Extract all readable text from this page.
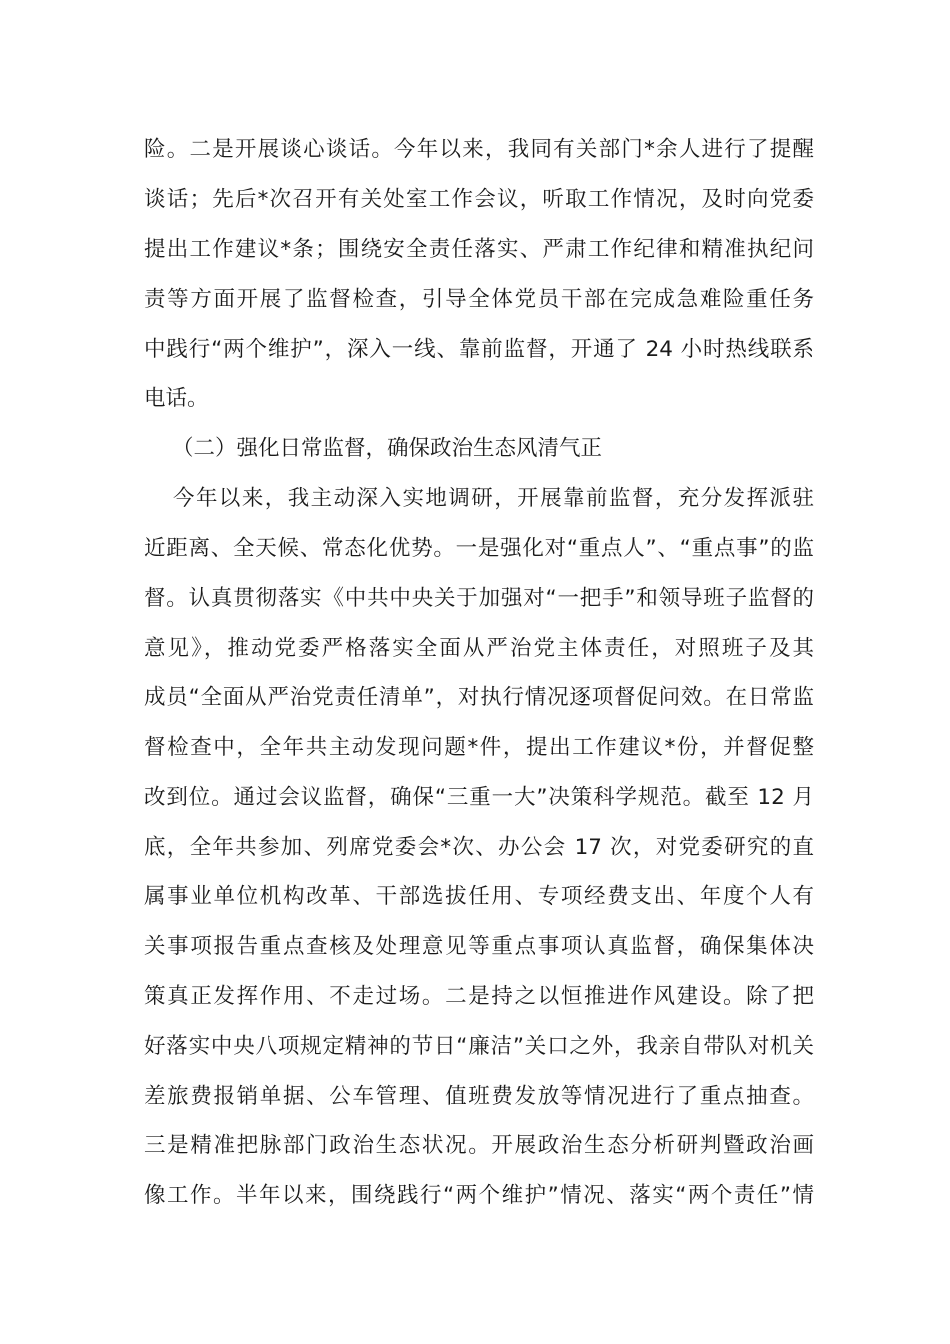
险。二是开展谈心谈话。今年以来，我同有关部门*余人进行了提醒
谈话；先后*次召开有关处室工作会议，听取工作情况，及时向党委
提出工作建议*条；围绕安全责任落实、严肃工作纪律和精准执纪问
责等方面开展了监督检查，引导全体党员干部在完成急难险重任务
中践行“两个维护”，深入一线、靠前监督，开通了 24 小时热线联系
电话。
（二）强化日常监督，确保政治生态风清气正
今年以来，我主动深入实地调研，开展靠前监督，充分发挥派驻
近距离、全天候、常态化优势。一是强化对“重点人”、“重点事”的监
督。认真贯彻落实《中共中央关于加强对“一把手”和领导班子监督的
意见》，推动党委严格落实全面从严治党主体责任，对照班子及其
成员“全面从严治党责任清单”，对执行情况逐项督促问效。在日常监
督检查中，全年共主动发现问题*件，提出工作建议*份，并督促整
改到位。通过会议监督，确保“三重一大”决策科学规范。截至 12 月
底，全年共参加、列席党委会*次、办公会 17 次，对党委研究的直
属事业单位机构改革、干部选拔任用、专项经费支出、年度个人有
关事项报告重点查核及处理意见等重点事项认真监督，确保集体决
策真正发挥作用、不走过场。二是持之以恒推进作风建设。除了把
好落实中央八项规定精神的节日“廉洁”关口之外，我亲自带队对机关
差旅费报销单据、公车管理、值班费发放等情况进行了重点抽查。
三是精准把脉部门政治生态状况。开展政治生态分析研判暨政治画
像工作。半年以来，围绕践行“两个维护”情况、落实“两个责任”情
